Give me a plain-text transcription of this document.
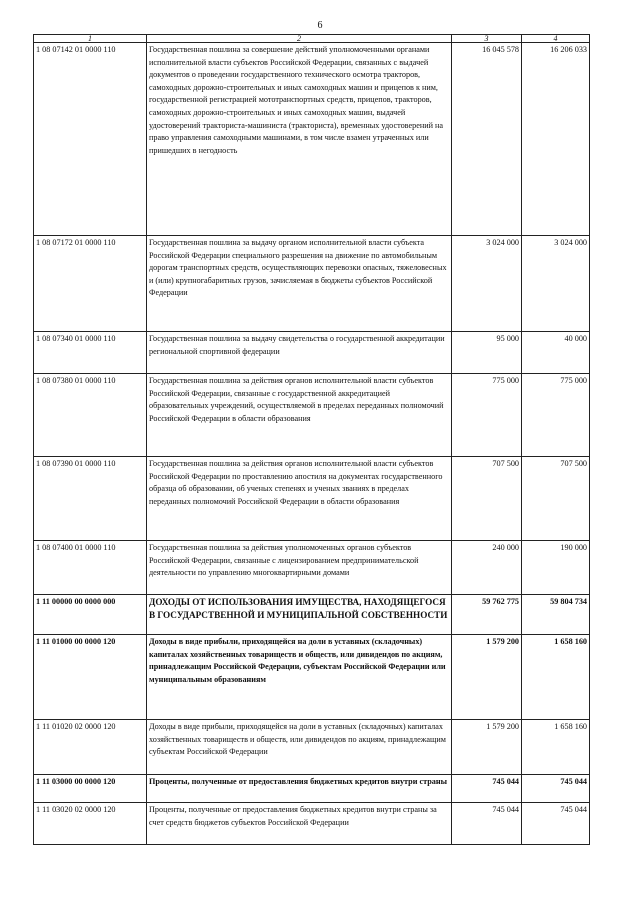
6
1	2	3	4
1 08 07142 01 0000 110	Государственная пошлина за совершение действий уполномоченными органами исполнительной власти субъектов Российской Федерации, связанных с выдачей документов о проведении государственного технического осмотра тракторов, самоходных дорожно-строительных и иных самоходных машин и прицепов к ним, государственной регистрацией мототранспортных средств, прицепов, тракторов, самоходных дорожно-строительных и иных самоходных машин, выдачей удостоверений тракториста-машиниста (тракториста), временных удостоверений на право управления самоходными машинами, в том числе взамен утраченных или пришедших в негодность	16 045 578	16 206 033
1 08 07172 01 0000 110	Государственная пошлина за выдачу органом исполнительной власти субъекта Российской Федерации специального разрешения на движение по автомобильным дорогам транспортных средств, осуществляющих перевозки опасных, тяжеловесных и (или) крупногабаритных грузов, зачисляемая в бюджеты субъектов Российской Федерации	3 024 000	3 024 000
1 08 07340 01 0000 110	Государственная пошлина за выдачу свидетельства о государственной аккредитации региональной спортивной федерации	95 000	40 000
1 08 07380 01 0000 110	Государственная пошлина за действия органов исполнительной власти субъектов Российской Федерации, связанные с государственной аккредитацией образовательных учреждений, осуществляемой в пределах переданных полномочий Российской Федерации в области образования	775 000	775 000
1 08 07390 01 0000 110	Государственная пошлина за действия органов исполнительной власти субъектов Российской Федерации по проставлению апостиля на документах государственного образца об образовании, об ученых степенях и ученых званиях в пределах переданных полномочий Российской Федерации в области образования	707 500	707 500
1 08 07400 01 0000 110	Государственная пошлина за действия уполномоченных органов субъектов Российской Федерации, связанные с лицензированием предпринимательской деятельности по управлению многоквартирными домами	240 000	190 000
1 11 00000 00 0000 000	ДОХОДЫ ОТ ИСПОЛЬЗОВАНИЯ ИМУЩЕСТВА, НАХОДЯЩЕГОСЯ В ГОСУДАРСТВЕННОЙ И МУНИЦИПАЛЬНОЙ СОБСТВЕННОСТИ	59 762 775	59 804 734
1 11 01000 00 0000 120	Доходы в виде прибыли, приходящейся на доли в уставных (складочных) капиталах хозяйственных товариществ и обществ, или дивидендов по акциям, принадлежащим Российской Федерации, субъектам Российской Федерации или муниципальным образованиям	1 579 200	1 658 160
1 11 01020 02 0000 120	Доходы в виде прибыли, приходящейся на доли в уставных (складочных) капиталах хозяйственных товариществ и обществ, или дивидендов по акциям, принадлежащим субъектам Российской Федерации	1 579 200	1 658 160
1 11 03000 00 0000 120	Проценты, полученные от предоставления бюджетных кредитов внутри страны	745 044	745 044
1 11 03020 02 0000 120	Проценты, полученные от предоставления бюджетных кредитов внутри страны за счет средств бюджетов субъектов Российской Федерации	745 044	745 044
